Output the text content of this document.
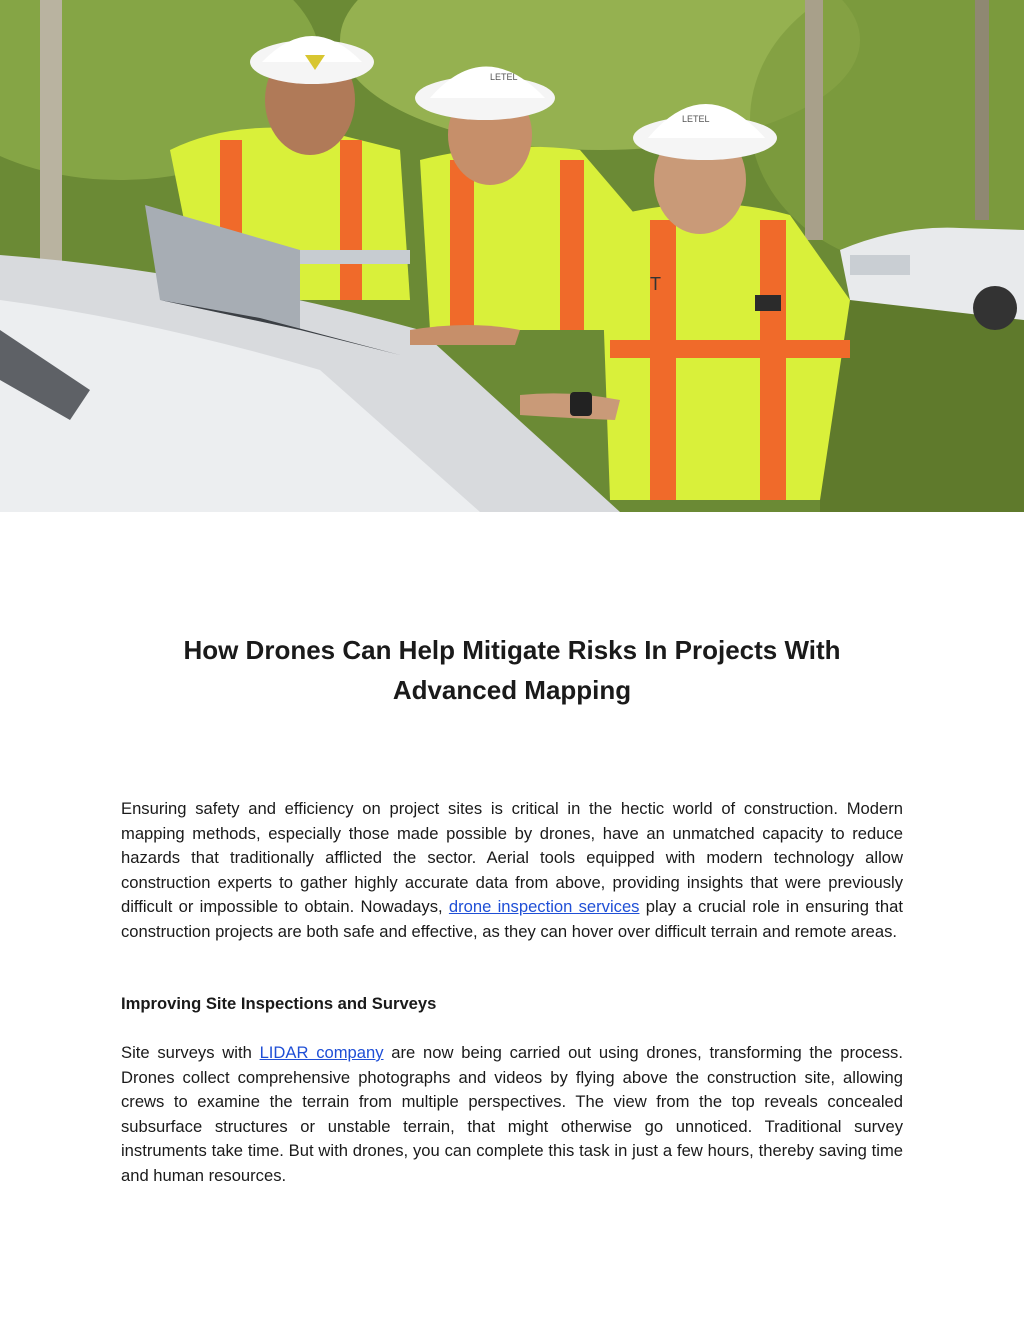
LETEL
LETEL
T
How Drones Can Help Mitigate Risks In Projects With Advanced Mapping

Ensuring safety and efficiency on project sites is critical in the hectic world of construction. Modern mapping methods, especially those made possible by drones, have an unmatched capacity to reduce hazards that traditionally afflicted the sector. Aerial tools equipped with modern technology allow construction experts to gather highly accurate data from above, providing insights that were previously difficult or impossible to obtain. Nowadays, drone inspection services play a crucial role in ensuring that construction projects are both safe and effective, as they can hover over difficult terrain and remote areas.

Improving Site Inspections and Surveys

Site surveys with LIDAR company are now being carried out using drones, transforming the process. Drones collect comprehensive photographs and videos by flying above the construction site, allowing crews to examine the terrain from multiple perspectives. The view from the top reveals concealed subsurface structures or unstable terrain, that might otherwise go unnoticed. Traditional survey instruments take time. But with drones, you can complete this task in just a few hours, thereby saving time and human resources.
